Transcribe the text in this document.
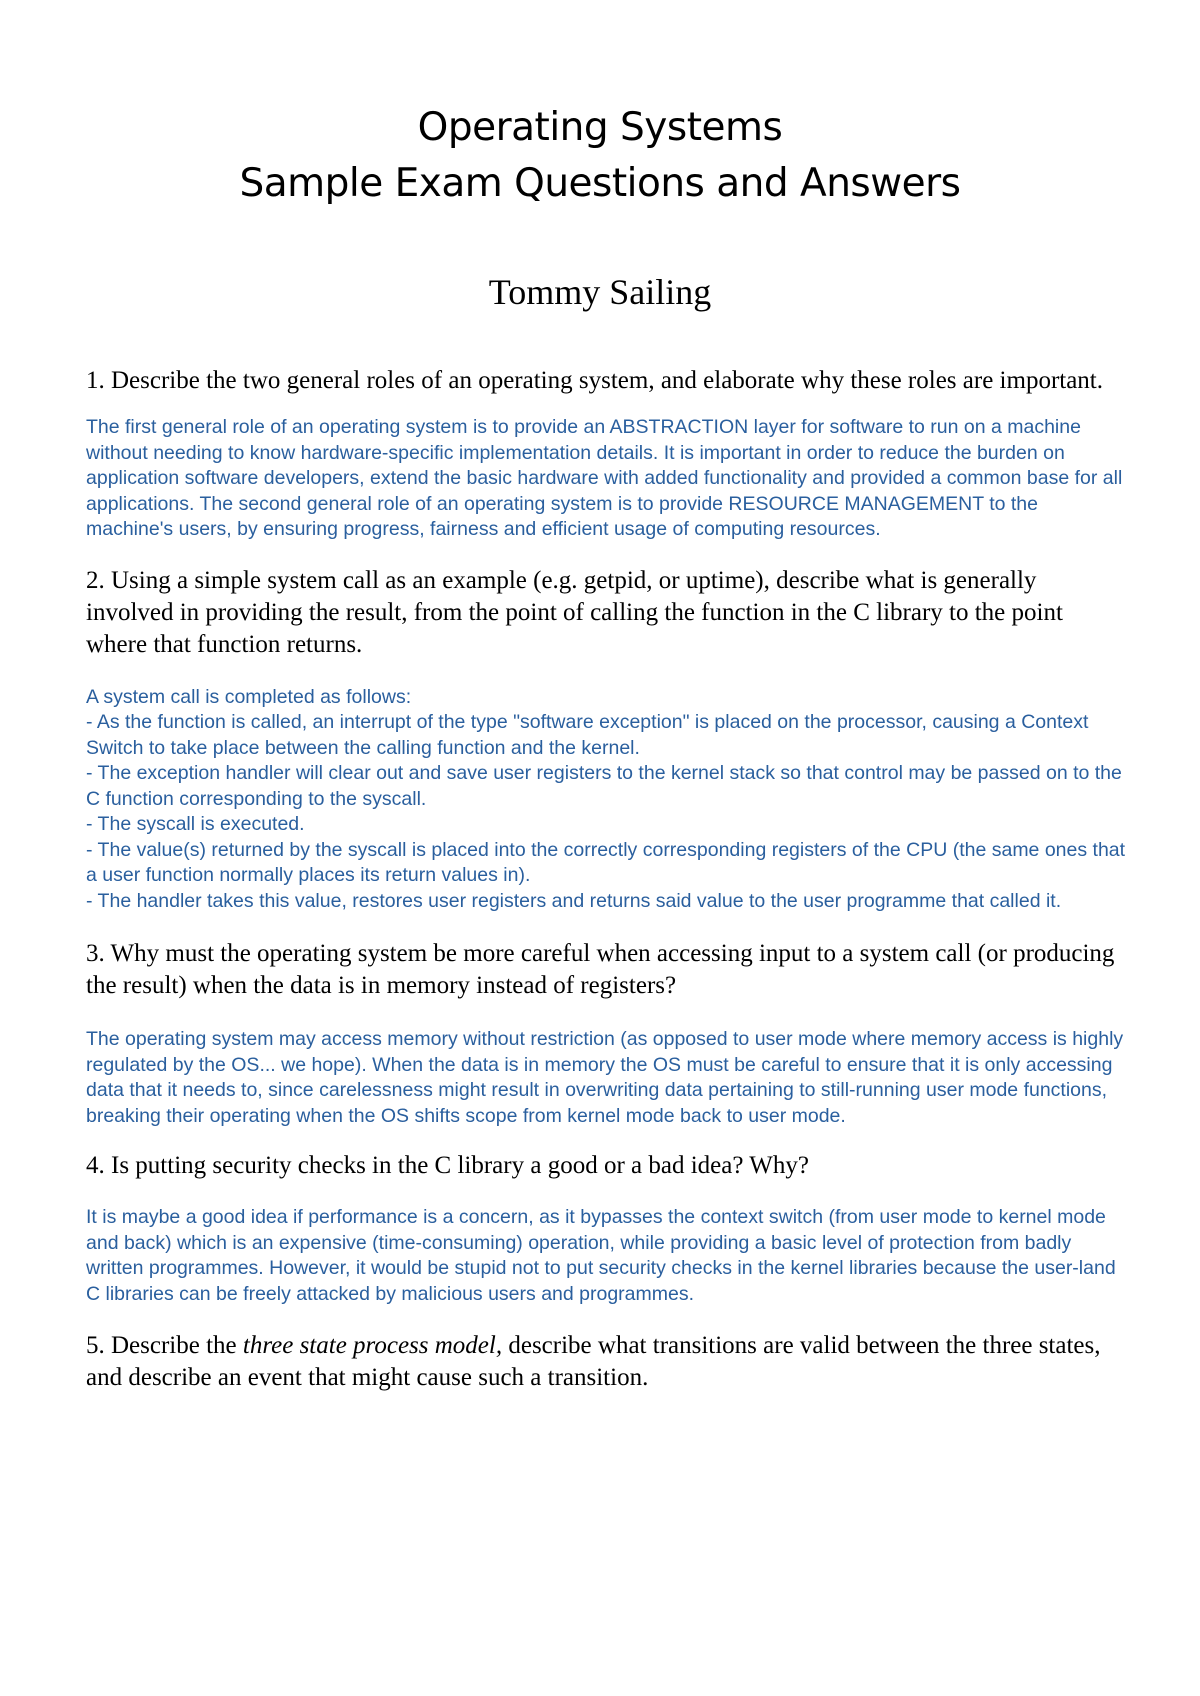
Operating Systems
Sample Exam Questions and Answers
Tommy Sailing

1. Describe the two general roles of an operating system, and elaborate why these roles are important.

The first general role of an operating system is to provide an ABSTRACTION layer for software to run on a machine without needing to know hardware-specific implementation details. It is important in order to reduce the burden on application software developers, extend the basic hardware with added functionality and provided a common base for all applications. The second general role of an operating system is to provide RESOURCE MANAGEMENT to the machine's users, by ensuring progress, fairness and efficient usage of computing resources.

2. Using a simple system call as an example (e.g. getpid, or uptime), describe what is generally involved in providing the result, from the point of calling the function in the C library to the point where that function returns.

A system call is completed as follows:
- As the function is called, an interrupt of the type "software exception" is placed on the processor, causing a Context Switch to take place between the calling function and the kernel.
- The exception handler will clear out and save user registers to the kernel stack so that control may be passed on to the C function corresponding to the syscall.
- The syscall is executed.
- The value(s) returned by the syscall is placed into the correctly corresponding registers of the CPU (the same ones that a user function normally places its return values in).
- The handler takes this value, restores user registers and returns said value to the user programme that called it.

3. Why must the operating system be more careful when accessing input to a system call (or producing the result) when the data is in memory instead of registers?

The operating system may access memory without restriction (as opposed to user mode where memory access is highly regulated by the OS... we hope). When the data is in memory the OS must be careful to ensure that it is only accessing data that it needs to, since carelessness might result in overwriting data pertaining to still-running user mode functions, breaking their operating when the OS shifts scope from kernel mode back to user mode.

4. Is putting security checks in the C library a good or a bad idea? Why?

It is maybe a good idea if performance is a concern, as it bypasses the context switch (from user mode to kernel mode and back) which is an expensive (time-consuming) operation, while providing a basic level of protection from badly written programmes. However, it would be stupid not to put security checks in the kernel libraries because the user-land C libraries can be freely attacked by malicious users and programmes.

5. Describe the three state process model, describe what transitions are valid between the three states, and describe an event that might cause such a transition.
